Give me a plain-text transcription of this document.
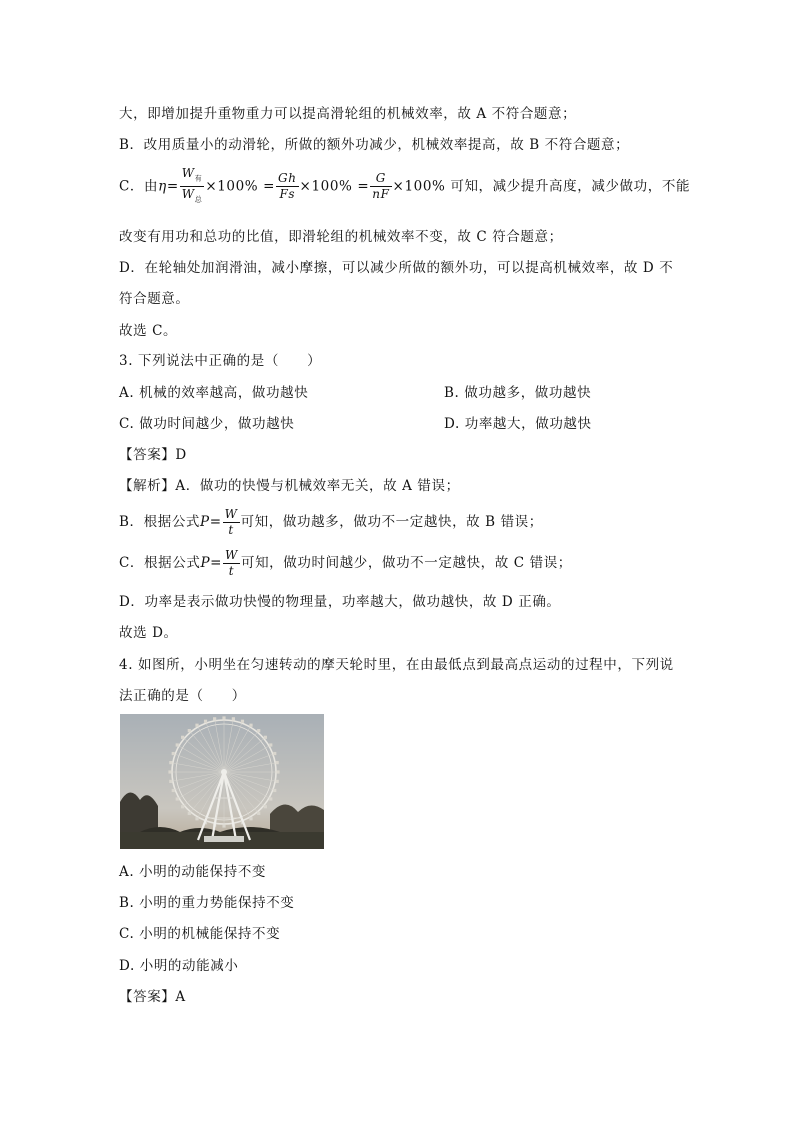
大，即增加提升重物重力可以提高滑轮组的机械效率，故 A 不符合题意；
B．改用质量小的动滑轮，所做的额外功减少，机械效率提高，故 B 不符合题意；
C．由$\eta= \frac{W_有}{W_总} \times 100\% = \frac{Gh}{Fs} \times 100\% = \frac{G}{nF} \times 100\%$ 可知，减少提升高度，减少做功，不能
改变有用功和总功的比值，即滑轮组的机械效率不变，故 C 符合题意；
D．在轮轴处加润滑油，减小摩擦，可以减少所做的额外功，可以提高机械效率，故 D 不
符合题意。
故选 C。
3. 下列说法中正确的是（　　）
A. 机械的效率越高，做功越快	B. 做功越多，做功越快
C. 做功时间越少，做功越快	D. 功率越大，做功越快
【答案】D
【解析】A．做功的快慢与机械效率无关，故 A 错误；
B．根据公式$P= \frac{W}{t}$ 可知，做功越多，做功不一定越快，故 B 错误；
C．根据公式$P= \frac{W}{t}$ 可知，做功时间越少，做功不一定越快，故 C 错误；
D．功率是表示做功快慢的物理量，功率越大，做功越快，故 D 正确。
故选 D。
4. 如图所，小明坐在匀速转动的摩天轮时里，在由最低点到最高点运动的过程中，下列说
法正确的是（　　）
A. 小明的动能保持不变
B. 小明的重力势能保持不变
C. 小明的机械能保持不变
D. 小明的动能减小
【答案】A
